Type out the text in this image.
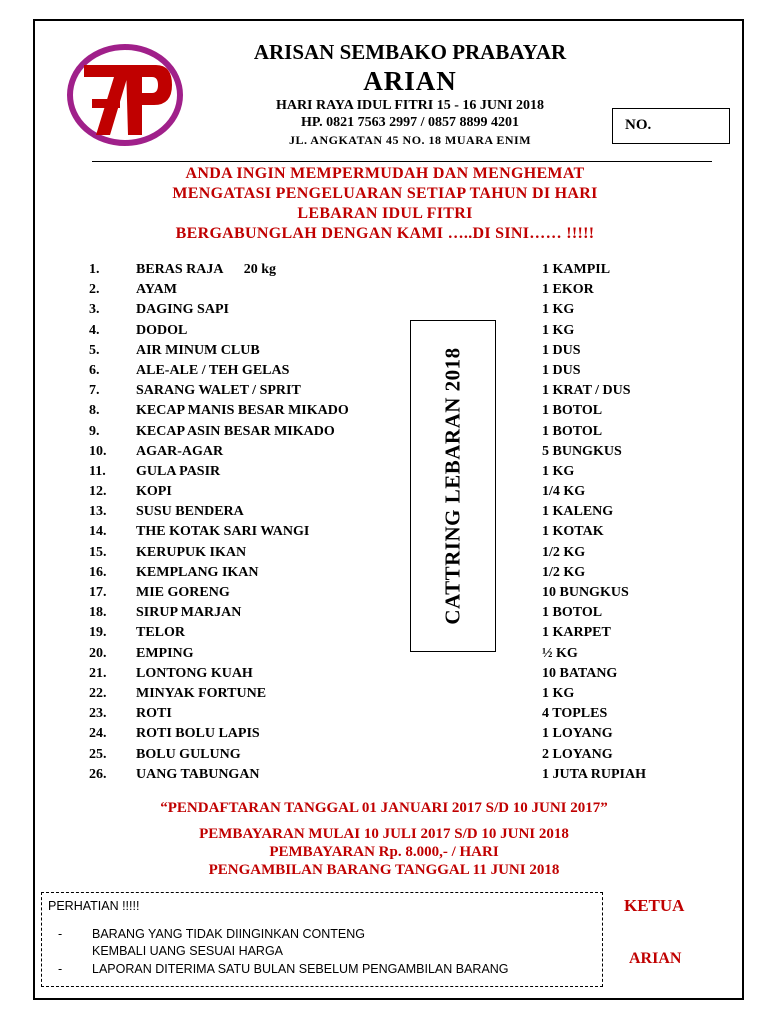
ARISAN SEMBAKO PRABAYAR
ARIAN
HARI RAYA IDUL FITRI 15 - 16 JUNI 2018
HP. 0821 7563 2997 / 0857 8899 4201
JL. ANGKATAN 45 NO. 18 MUARA ENIM
NO.
ANDA INGIN MEMPERMUDAH DAN MENGHEMAT
MENGATASI PENGELUARAN SETIAP TAHUN DI HARI
LEBARAN IDUL FITRI
BERGABUNGLAH DENGAN KAMI …..DI SINI…… !!!!!
1.	BERAS RAJA      20 kg	1 KAMPIL
2.	AYAM	1 EKOR
3.	DAGING SAPI	1 KG
4.	DODOL	1 KG
5.	AIR MINUM CLUB	1 DUS
6.	ALE-ALE / TEH GELAS	1 DUS
7.	SARANG WALET / SPRIT	1 KRAT / DUS
8.	KECAP MANIS BESAR MIKADO	1 BOTOL
9.	KECAP ASIN BESAR MIKADO	1 BOTOL
10. AGAR-AGAR	5 BUNGKUS
11. GULA PASIR	1 KG
12. KOPI	1/4 KG
13. SUSU BENDERA	1 KALENG
14. THE KOTAK SARI WANGI	1 KOTAK
15. KERUPUK IKAN	1/2 KG
16. KEMPLANG IKAN	1/2 KG
17. MIE GORENG	10 BUNGKUS
18. SIRUP MARJAN	1 BOTOL
19. TELOR	1 KARPET
20. EMPING	½ KG
21. LONTONG KUAH	10 BATANG
22. MINYAK FORTUNE	1 KG
23. ROTI	4 TOPLES
24. ROTI BOLU LAPIS	1 LOYANG
25. BOLU GULUNG	2 LOYANG
26. UANG TABUNGAN	1 JUTA RUPIAH
CATTRING LEBARAN 2018
“PENDAFTARAN TANGGAL 01 JANUARI 2017 S/D 10 JUNI 2017”
PEMBAYARAN MULAI 10 JULI 2017 S/D 10 JUNI 2018
PEMBAYARAN Rp. 8.000,- / HARI
PENGAMBILAN BARANG TANGGAL 11 JUNI 2018
PERHATIAN !!!!!
- BARANG YANG TIDAK DIINGINKAN CONTENG
KEMBALI UANG SESUAI HARGA
- LAPORAN DITERIMA SATU BULAN SEBELUM PENGAMBILAN BARANG
KETUA
ARIAN
